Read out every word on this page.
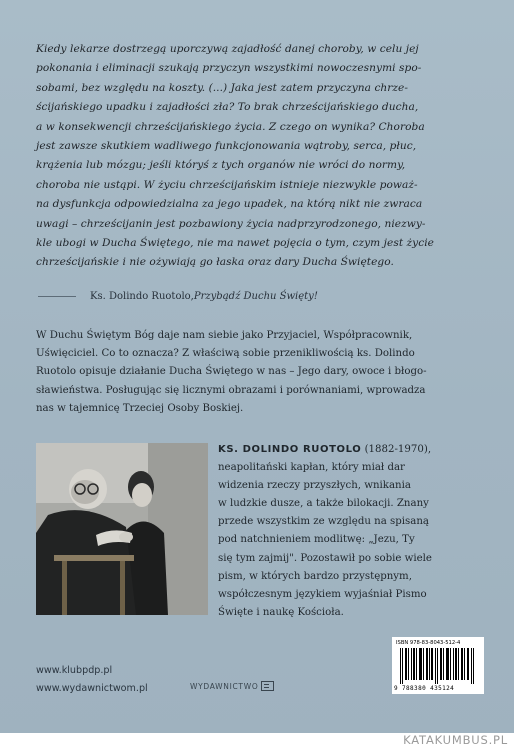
Kiedy lekarze dostrzegą uporczywą zajadłość danej choroby, w celu jej
pokonania i eliminacji szukają przyczyn wszystkimi nowoczesnymi spo-
sobami, bez względu na koszty. (...) Jaka jest zatem przyczyna chrze-
ścijańskiego upadku i zajadłości zła? To brak chrześcijańskiego ducha,
a w konsekwencji chrześcijańskiego życia. Z czego on wynika? Choroba
jest zawsze skutkiem wadliwego funkcjonowania wątroby, serca, płuc,
krążenia lub mózgu; jeśli któryś z tych organów nie wróci do normy,
choroba nie ustąpi. W życiu chrześcijańskim istnieje niezwykle poważ-
na dysfunkcja odpowiedzialna za jego upadek, na którą nikt nie zwraca
uwagi – chrześcijanin jest pozbawiony życia nadprzyrodzonego, niezwy-
kle ubogi w Ducha Świętego, nie ma nawet pojęcia o tym, czym jest życie
chrześcijańskie i nie ożywiają go łaska oraz dary Ducha Świętego.

Ks. Dolindo Ruotolo, Przybądź Duchu Święty!
W Duchu Świętym Bóg daje nam siebie jako Przyjaciel, Współpracownik,
Uświęciciel. Co to oznacza? Z właściwą sobie przenikliwością ks. Dolindo
Ruotolo opisuje działanie Ducha Świętego w nas – Jego dary, owoce i błogo-
sławieństwa. Posługując się licznymi obrazami i porównaniami, wprowadza
nas w tajemnicę Trzeciej Osoby Boskiej.
KS. DOLINDO RUOTOLO (1882-1970),
neapolitański kapłan, który miał dar
widzenia rzeczy przyszłych, wnikania
w ludzkie dusze, a także bilokacji. Znany
przede wszystkim ze względu na spisaną
pod natchnieniem modlitwę: „Jezu, Ty
się tym zajmij". Pozostawił po sobie wiele
pism, w których bardzo przystępnym,
współczesnym językiem wyjaśniał Pismo
Święte i naukę Kościoła.
ISBN 978-83-8043-512-4
9 788380 435124
www.klubpdp.pl
www.wydawnictwom.pl	WYDAWNICTWO
KATAKUMBUS.PL
